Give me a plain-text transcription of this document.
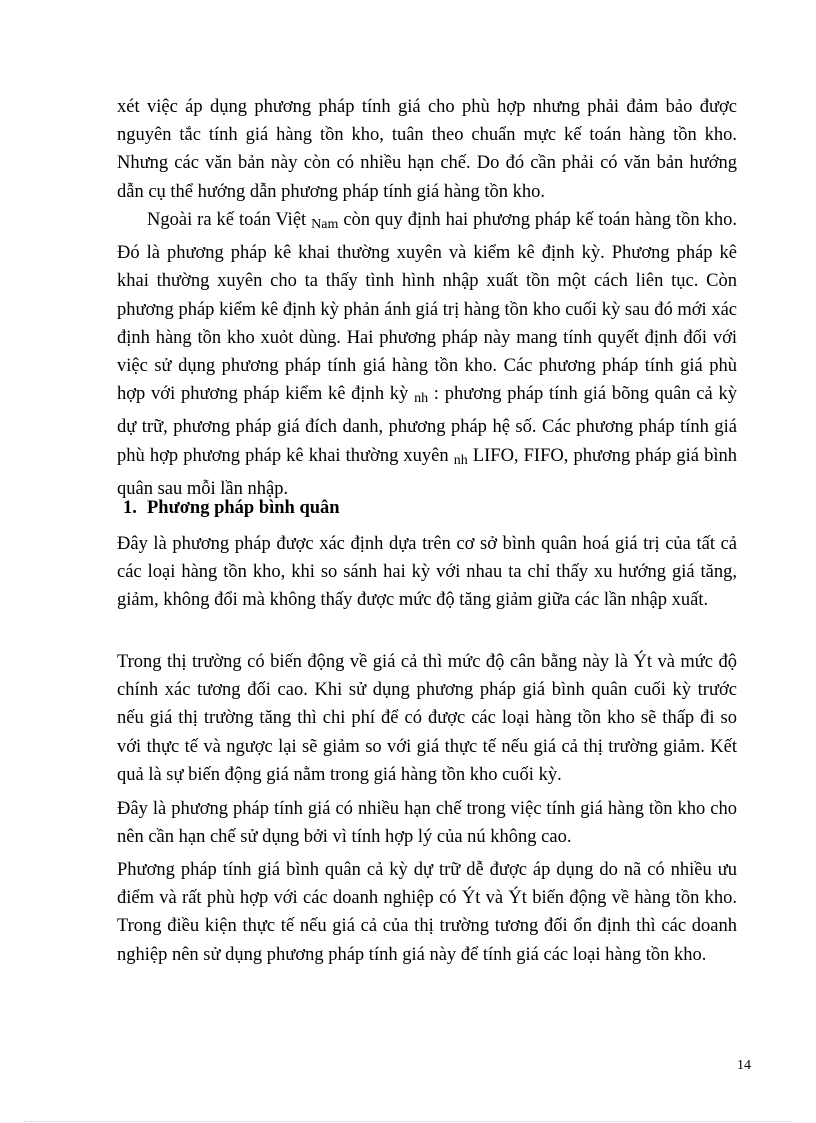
xét việc áp dụng phương pháp tính giá cho phù hợp nhưng phải đảm bảo được nguyên tắc tính giá hàng tồn kho, tuân theo chuẩn mực kế toán hàng tồn kho. Nhưng các văn bản này còn có nhiều hạn chế. Do đó cần phải có văn bản hướng dẫn cụ thể hướng dẫn phương pháp tính giá hàng tồn kho.

Ngoài ra kế toán Việt $_{Nam}$ còn quy định hai phương pháp kế toán hàng tồn kho. Đó là phương pháp kê khai thường xuyên và kiểm kê định kỳ. Phương pháp kê khai thường xuyên cho ta thấy tình hình nhập xuất tồn một cách liên tục. Còn phương pháp kiểm kê định kỳ phản ánh giá trị hàng tồn kho cuối kỳ sau đó mới xác định hàng tồn kho xuỏt dùng. Hai phương pháp này mang tính quyết định đối với việc sử dụng phương pháp tính giá hàng tồn kho. Các phương pháp tính giá phù hợp với phương pháp kiểm kê định kỳ $_{nh}$ : phương pháp tính giá bõng quân cả kỳ dự trữ, phương pháp giá đích danh, phương pháp hệ số. Các phương pháp tính giá phù hợp phương pháp kê khai thường xuyên $_{nh}$ LIFO, FIFO, phương pháp giá bình quân sau mỗi lần nhập.

1. Phương pháp bình quân

Đây là phương pháp được xác định dựa trên cơ sở bình quân hoá giá trị của tất cả các loại hàng tồn kho, khi so sánh hai kỳ với nhau ta chỉ thấy xu hướng giá tăng, giảm, không đổi mà không thấy được mức độ tăng giảm giữa các lần nhập xuất.

Trong thị trường có biến động về giá cả thì mức độ cân bằng này là Ýt và mức độ chính xác tương đối cao. Khi sử dụng phương pháp giá bình quân cuối kỳ trước nếu giá thị trường tăng thì chi phí để có được các loại hàng tồn kho sẽ thấp đi so với thực tế và ngược lại sẽ giảm so với giá thực tế nếu giá cả thị trường giảm. Kết quả là sự biến động giá nằm trong giá hàng tồn kho cuối kỳ.

Đây là phương pháp tính giá có nhiều hạn chế trong việc tính giá hàng tồn kho cho nên cần hạn chế sử dụng bởi vì tính hợp lý của nú không cao.

Phương pháp tính giá bình quân cả kỳ dự trữ dễ được áp dụng do nã có nhiều ưu điểm và rất phù hợp với các doanh nghiệp có Ýt và Ýt biến động về hàng tồn kho. Trong điều kiện thực tế nếu giá cả của thị trường tương đối ổn định thì các doanh nghiệp nên sử dụng phương pháp tính giá này để tính giá các loại hàng tồn kho.

14
